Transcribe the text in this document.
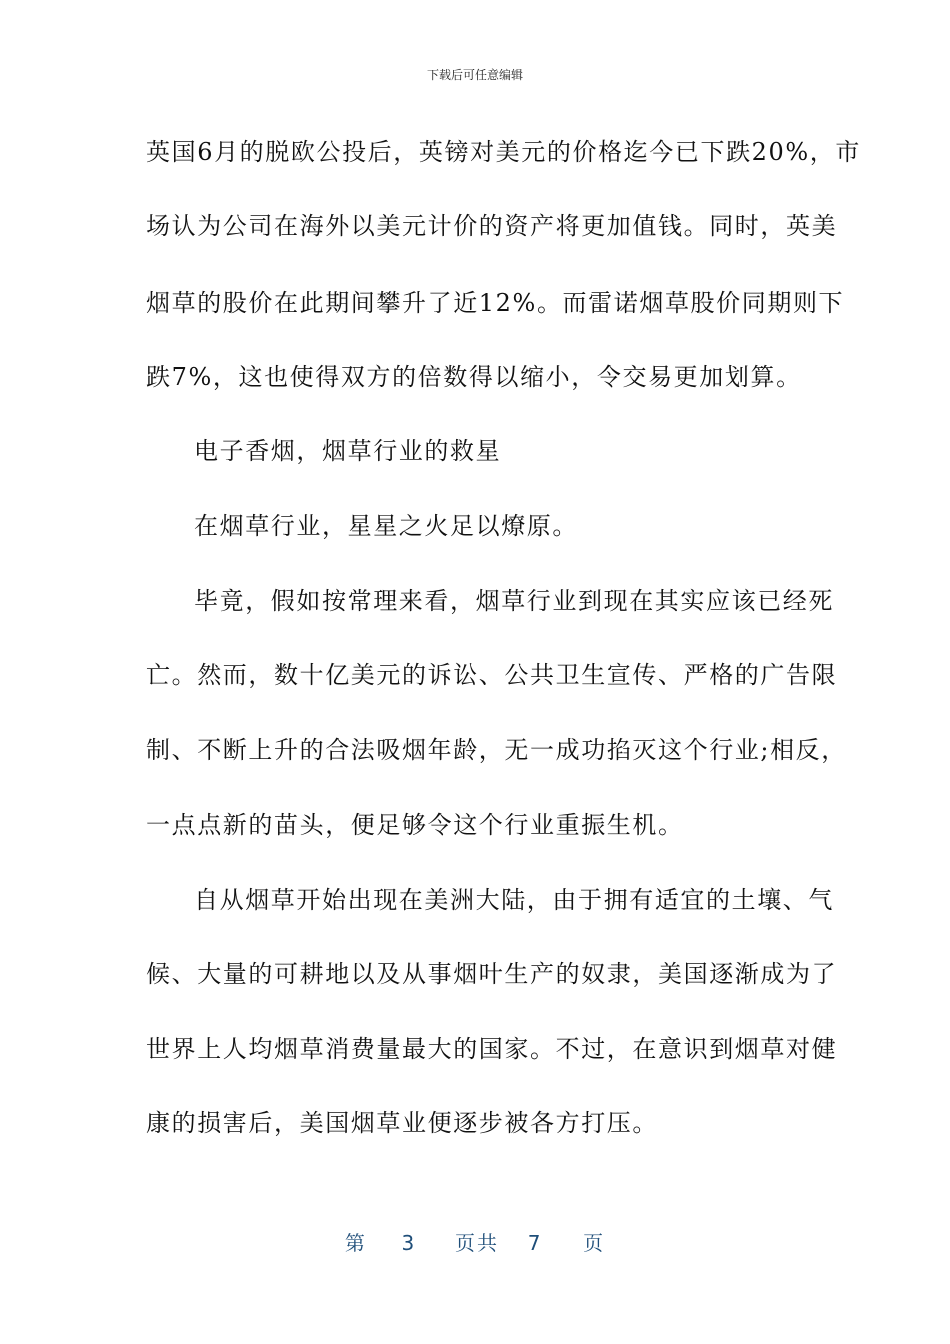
下载后可任意编辑
英国6月的脱欧公投后，英镑对美元的价格迄今已下跌20%，市
场认为公司在海外以美元计价的资产将更加值钱。同时，英美
烟草的股价在此期间攀升了近12%。而雷诺烟草股价同期则下
跌7%，这也使得双方的倍数得以缩小，令交易更加划算。
电子香烟，烟草行业的救星
在烟草行业，星星之火足以燎原。
毕竟，假如按常理来看，烟草行业到现在其实应该已经死
亡。然而，数十亿美元的诉讼、公共卫生宣传、严格的广告限
制、不断上升的合法吸烟年龄，无一成功掐灭这个行业;相反，
一点点新的苗头，便足够令这个行业重振生机。
自从烟草开始出现在美洲大陆，由于拥有适宜的土壤、气
候、大量的可耕地以及从事烟叶生产的奴隶，美国逐渐成为了
世界上人均烟草消费量最大的国家。不过，在意识到烟草对健
康的损害后，美国烟草业便逐步被各方打压。
第 3 页共 7 页
